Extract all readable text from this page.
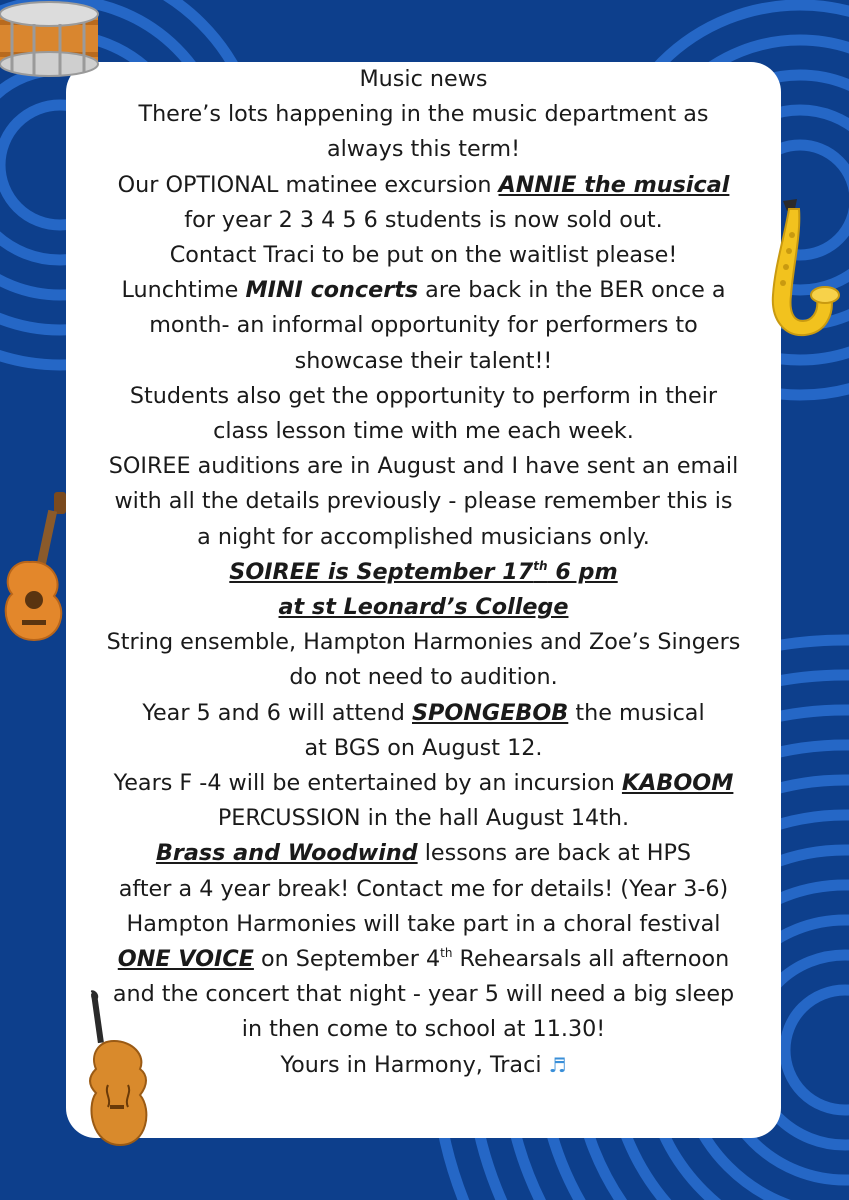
Music news
There’s lots happening in the music department as
always this term!
Our OPTIONAL matinee excursion ANNIE the musical
for year 2 3 4 5 6 students is now sold out.
Contact Traci to be put on the waitlist please!
Lunchtime MINI concerts are back in the BER once a
month- an informal opportunity for performers to
showcase their talent!!
Students also get the opportunity to perform in their
class lesson time with me each week.
SOIREE auditions are in August and I have sent an email
with all the details previously - please remember this is
a night for accomplished musicians only.
SOIREE is September 17th 6 pm
at st Leonard’s College
String ensemble, Hampton Harmonies and Zoe’s Singers
do not need to audition.
Year 5 and 6 will attend SPONGEBOB the musical
at BGS on August 12.
Years F -4 will be entertained by an incursion KABOOM
PERCUSSION in the hall August 14th.
Brass and Woodwind lessons are back at HPS
after a 4 year break! Contact me for details! (Year 3-6)
Hampton Harmonies will take part in a choral festival
ONE VOICE on September 4th Rehearsals all afternoon
and the concert that night - year 5 will need a big sleep
in then come to school at 11.30!
Yours in Harmony, Traci ♬
